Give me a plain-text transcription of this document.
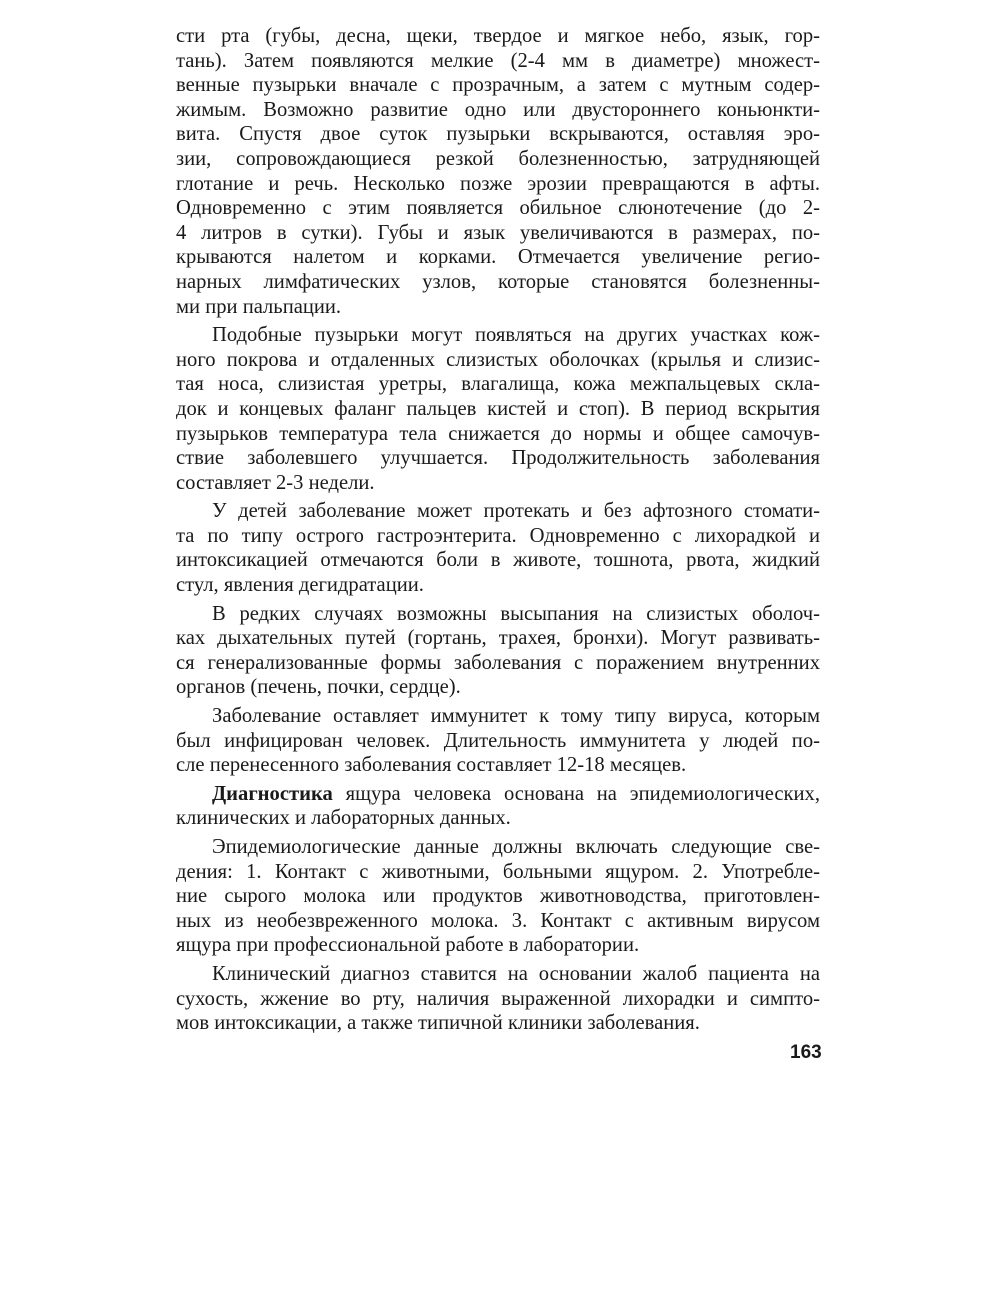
сти рта (губы, десна, щеки, твердое и мягкое небо, язык, гор-
тань). Затем появляются мелкие (2-4 мм в диаметре) множест-
венные пузырьки вначале с прозрачным, а затем с мутным содер-
жимым. Возможно развитие одно или двустороннего коньюнкти-
вита. Спустя двое суток пузырьки вскрываются, оставляя эро-
зии, сопровождающиеся резкой болезненностью, затрудняющей
глотание и речь. Несколько позже эрозии превращаются в афты.
Одновременно с этим появляется обильное слюнотечение (до 2-
4 литров в сутки). Губы и язык увеличиваются в размерах, по-
крываются налетом и корками. Отмечается увеличение регио-
нарных лимфатических узлов, которые становятся болезненны-
ми при пальпации.
Подобные пузырьки могут появляться на других участках кож-
ного покрова и отдаленных слизистых оболочках (крылья и слизис-
тая носа, слизистая уретры, влагалища, кожа межпальцевых скла-
док и концевых фаланг пальцев кистей и стоп). В период вскрытия
пузырьков температура тела снижается до нормы и общее самочув-
ствие заболевшего улучшается. Продолжительность заболевания
составляет 2-3 недели.
У детей заболевание может протекать и без афтозного стомати-
та по типу острого гастроэнтерита. Одновременно с лихорадкой и
интоксикацией отмечаются боли в животе, тошнота, рвота, жидкий
стул, явления дегидратации.
В редких случаях возможны высыпания на слизистых оболоч-
ках дыхательных путей (гортань, трахея, бронхи). Могут развивать-
ся генерализованные формы заболевания с поражением внутренних
органов (печень, почки, сердце).
Заболевание оставляет иммунитет к тому типу вируса, которым
был инфицирован человек. Длительность иммунитета у людей по-
сле перенесенного заболевания составляет 12-18 месяцев.
Диагностика ящура человека основана на эпидемиологических,
клинических и лабораторных данных.
Эпидемиологические данные должны включать следующие све-
дения: 1. Контакт с животными, больными ящуром. 2. Употребле-
ние сырого молока или продуктов животноводства, приготовлен-
ных из необезвреженного молока. 3. Контакт с активным вирусом
ящура при профессиональной работе в лаборатории.
Клинический диагноз ставится на основании жалоб пациента на
сухость, жжение во рту, наличия выраженной лихорадки и симпто-
мов интоксикации, а также типичной клиники заболевания.
163
